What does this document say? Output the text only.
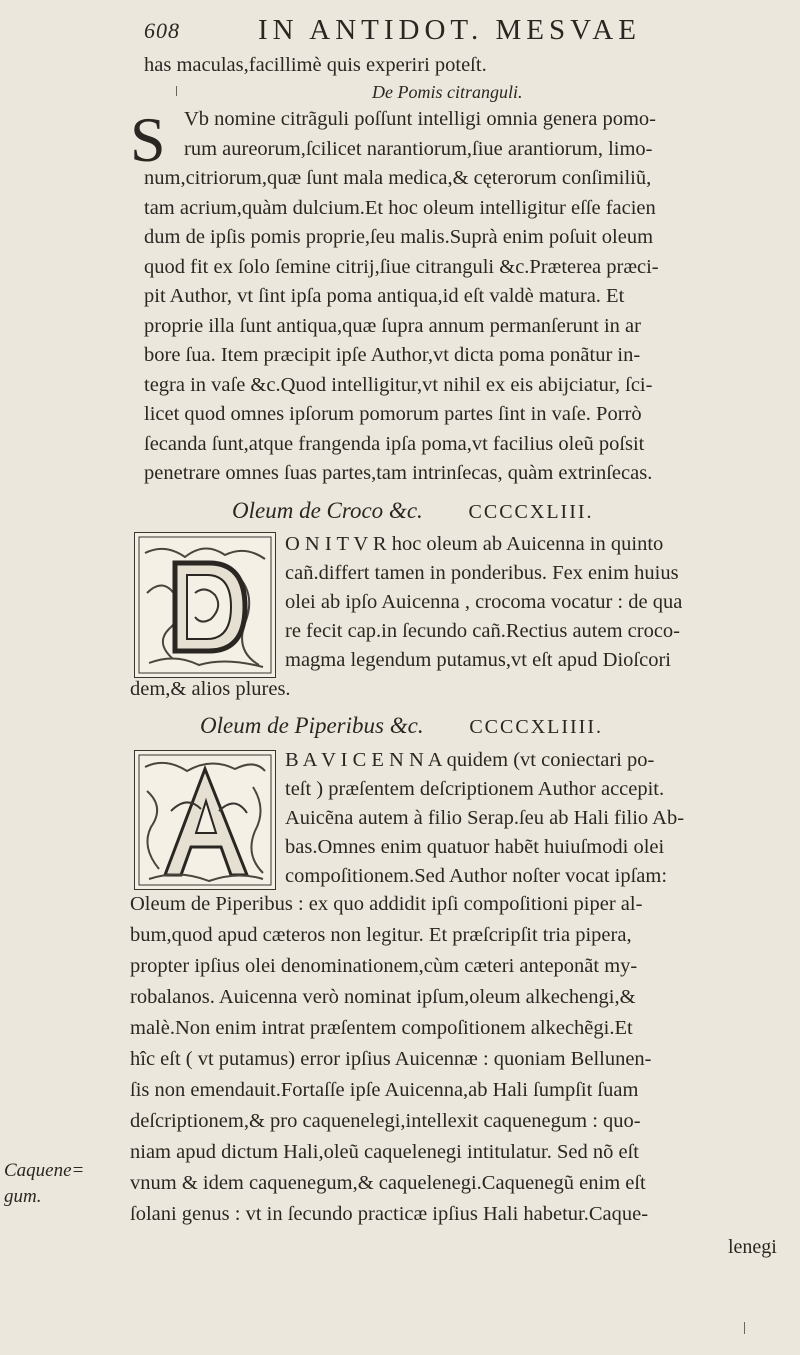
608	IN ANTIDOT. MESVAE
has maculas,facillimè quis experiri poteſt.
De Pomis citranguli.
S Vb nomine citrãguli poſſunt intelligi omnia genera pomo-
rum aureorum,ſcilicet narantiorum,ſiue arantiorum, limo-
num,citriorum,quæ ſunt mala medica,& cęterorum conſimiliũ,
tam acrium,quàm dulcium.Et hoc oleum intelligitur eſſe facien
dum de ipſis pomis proprie,ſeu malis.Suprà enim poſuit oleum
quod fit ex ſolo ſemine citrij,ſiue citranguli &c.Præterea præci-
pit Author, vt ſint ipſa poma antiqua,id eſt valdè matura. Et
proprie illa ſunt antiqua,quæ ſupra annum permanſerunt in ar
bore ſua. Item præcipit ipſe Author,vt dicta poma ponãtur in-
tegra in vaſe &c.Quod intelligitur,vt nihil ex eis abijciatur, ſci-
licet quod omnes ipſorum pomorum partes ſint in vaſe. Porrò
ſecanda ſunt,atque frangenda ipſa poma,vt facilius oleũ poſsit
penetrare omnes ſuas partes,tam intrinſecas, quàm extrinſecas.
Oleum de Croco &c. CCCCXLIII.
O N I T V R hoc oleum ab Auicenna in quinto
cañ.differt tamen in ponderibus. Fex enim huius
olei ab ipſo Auicenna , crocoma vocatur : de qua
re fecit cap.in ſecundo cañ.Rectius autem croco-
magma legendum putamus,vt eſt apud Dioſcori
dem,& alios plures.
Oleum de Piperibus &c. CCCCXLIIII.
B A V I C E N N A quidem (vt coniectari po-
teſt ) præſentem deſcriptionem Author accepit.
Auicẽna autem à filio Serap.ſeu ab Hali filio Ab-
bas.Omnes enim quatuor habẽt huiuſmodi olei
compoſitionem.Sed Author noſter vocat ipſam:
Oleum de Piperibus : ex quo addidit ipſi compoſitioni piper al-
bum,quod apud cæteros non legitur. Et præſcripſit tria pipera,
propter ipſius olei denominationem,cùm cæteri anteponãt my-
robalanos. Auicenna verò nominat ipſum,oleum alkechengi,&
malè.Non enim intrat præſentem compoſitionem alkechẽgi.Et
hîc eſt ( vt putamus) error ipſius Auicennæ : quoniam Bellunen-
ſis non emendauit.Fortaſſe ipſe Auicenna,ab Hali ſumpſit ſuam
deſcriptionem,& pro caquenelegi,intellexit caquenegum : quo-
niam apud dictum Hali,oleũ caquelenegi intitulatur. Sed nõ eſt
vnum & idem caquenegum,& caquelenegi.Caquenegũ enim eſt
ſolani genus : vt in ſecundo practicæ ipſius Hali habetur.Caque-
lenegi
Caquene=
gum.
